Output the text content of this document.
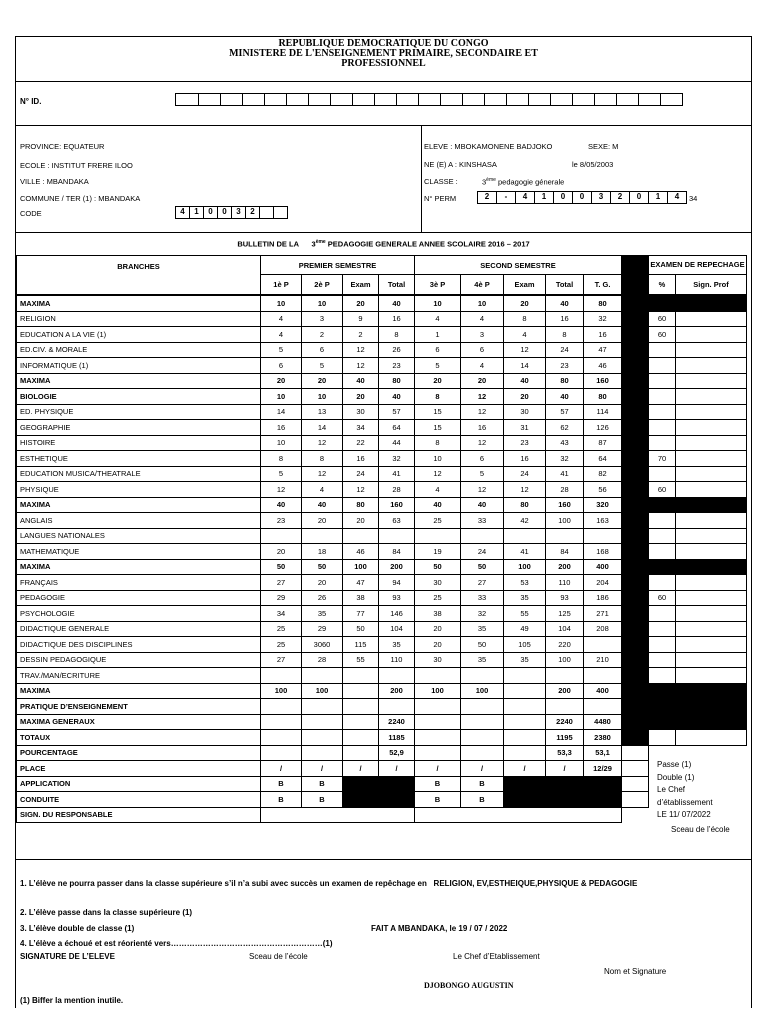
REPUBLIQUE DEMOCRATIQUE DU CONGO
MINISTERE DE L'ENSEIGNEMENT PRIMAIRE, SECONDAIRE ET
PROFESSIONNEL
N° ID.
PROVINCE: EQUATEUR
ECOLE : INSTITUT FRERE ILOO
VILLE : MBANDAKA
COMMUNE / TER (1) : MBANDAKA
CODE	4	1	0	0	3	2
ELEVE : MBOKAMONENE BADJOKO	SEXE: M
NE (E) A : KINSHASA	le 8/05/2003
CLASSE :	3ème pedagogie génerale
N° PERM	2	-	4	1	0	0	3	2	0	1	4	34
BULLETIN DE LA 3ème PEDAGOGIE GENERALE ANNEE SCOLAIRE 2016 – 2017
BRANCHES	PREMIER SEMESTRE				SECOND SEMESTRE						EXAMEN DE REPECHAGE	
	1è P	2è P	Exam	Total	3è P	4è P	Exam	Total	T. G.		%	Sign. Prof
MAXIMA	10	10	20	40	10	10	20	40	80			
RELIGION	4	3	9	16	4	4	8	16	32		60	
EDUCATION A LA VIE (1)	4	2	2	8	1	3	4	8	16		60	
ED.CIV. & MORALE	5	6	12	26	6	6	12	24	47			
INFORMATIQUE (1)	6	5	12	23	5	4	14	23	46			
MAXIMA	20	20	40	80	20	20	40	80	160			
BIOLOGIE	10	10	20	40	8	12	20	40	80			
ED. PHYSIQUE	14	13	30	57	15	12	30	57	114			
GEOGRAPHIE	16	14	34	64	15	16	31	62	126			
HISTOIRE	10	12	22	44	8	12	23	43	87			
ESTHETIQUE	8	8	16	32	10	6	16	32	64		70	
EDUCATION MUSICA/THEATRALE	5	12	24	41	12	5	24	41	82			
PHYSIQUE	12	4	12	28	4	12	12	28	56		60	
MAXIMA	40	40	80	160	40	40	80	160	320			
ANGLAIS	23	20	20	63	25	33	42	100	163			
LANGUES NATIONALES												
MATHEMATIQUE	20	18	46	84	19	24	41	84	168			
MAXIMA	50	50	100	200	50	50	100	200	400			
FRANҪAIS	27	20	47	94	30	27	53	110	204			
PEDAGOGIE	29	26	38	93	25	33	35	93	186		60	
PSYCHOLOGIE	34	35	77	146	38	32	55	125	271			
DIDACTIQUE GENERALE	25	29	50	104	20	35	49	104	208			
DIDACTIQUE DES DISCIPLINES	25	3060	115	35	20	50	105	220				
DESSIN PEDAGOGIQUE	27	28	55	110	30	35	35	100	210			
TRAV./MAN/ECRITURE												
MAXIMA	100	100		200	100	100		200	400			
PRATIQUE D’ENSEIGNEMENT												
MAXIMA GENERAUX				2240				2240	4480			
TOTAUX				1185				1195	2380			
POURCENTAGE				52,9				53,3	53,1			
PLACE	/	/	/	/	/	/	/	/	12/29			
APPLICATION	B	B			B	B						
CONDUITE	B	B			B	B						
SIGN. DU RESPONSABLE												
Passe (1)
Double (1)
Le Chef
d’établissement
LE 11/ 07/2022
Sceau de l’école
1. L’élève ne pourra passer dans la classe supérieure s’il n’a subi avec succès un examen de repêchage en RELIGION, EV,ESTHEIQUE,PHYSIQUE & PEDAGOGIE
2. L’élève passe dans la classe supérieure (1)
3. L’élève double de classe (1)	FAIT A MBANDAKA, le 19 / 07 / 2022
4. L’élève a échoué et est réorienté vers…………………………………………………(1)
SIGNATURE DE L’ELEVE	Sceau de l’école	Le Chef d’Etablissement
Nom et Signature
DJOBONGO AUGUSTIN
(1) Biffer la mention inutile.
